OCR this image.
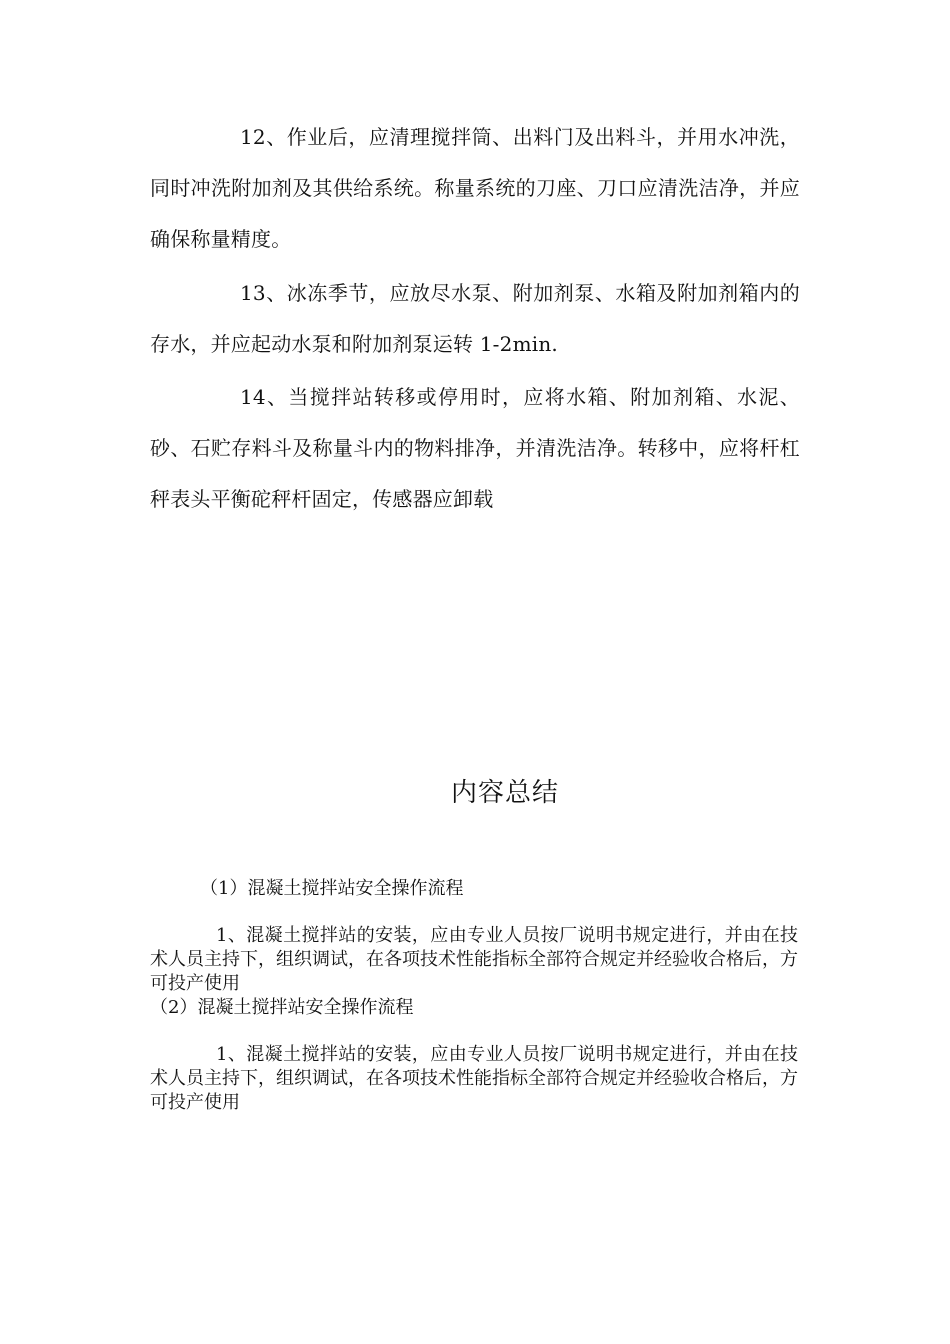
12、作业后，应清理搅拌筒、出料门及出料斗，并用水冲洗，同时冲洗附加剂及其供给系统。称量系统的刀座、刀口应清洗洁净，并应确保称量精度。

13、冰冻季节，应放尽水泵、附加剂泵、水箱及附加剂箱内的存水，并应起动水泵和附加剂泵运转 1-2min.

14、当搅拌站转移或停用时，应将水箱、附加剂箱、水泥、砂、石贮存料斗及称量斗内的物料排净，并清洗洁净。转移中，应将杆杠秤表头平衡砣秤杆固定，传感器应卸载

内容总结

（1）混凝土搅拌站安全操作流程

1、混凝土搅拌站的安装，应由专业人员按厂说明书规定进行，并由在技术人员主持下，组织调试，在各项技术性能指标全部符合规定并经验收合格后，方可投产使用

（2）混凝土搅拌站安全操作流程

1、混凝土搅拌站的安装，应由专业人员按厂说明书规定进行，并由在技术人员主持下，组织调试，在各项技术性能指标全部符合规定并经验收合格后，方可投产使用
